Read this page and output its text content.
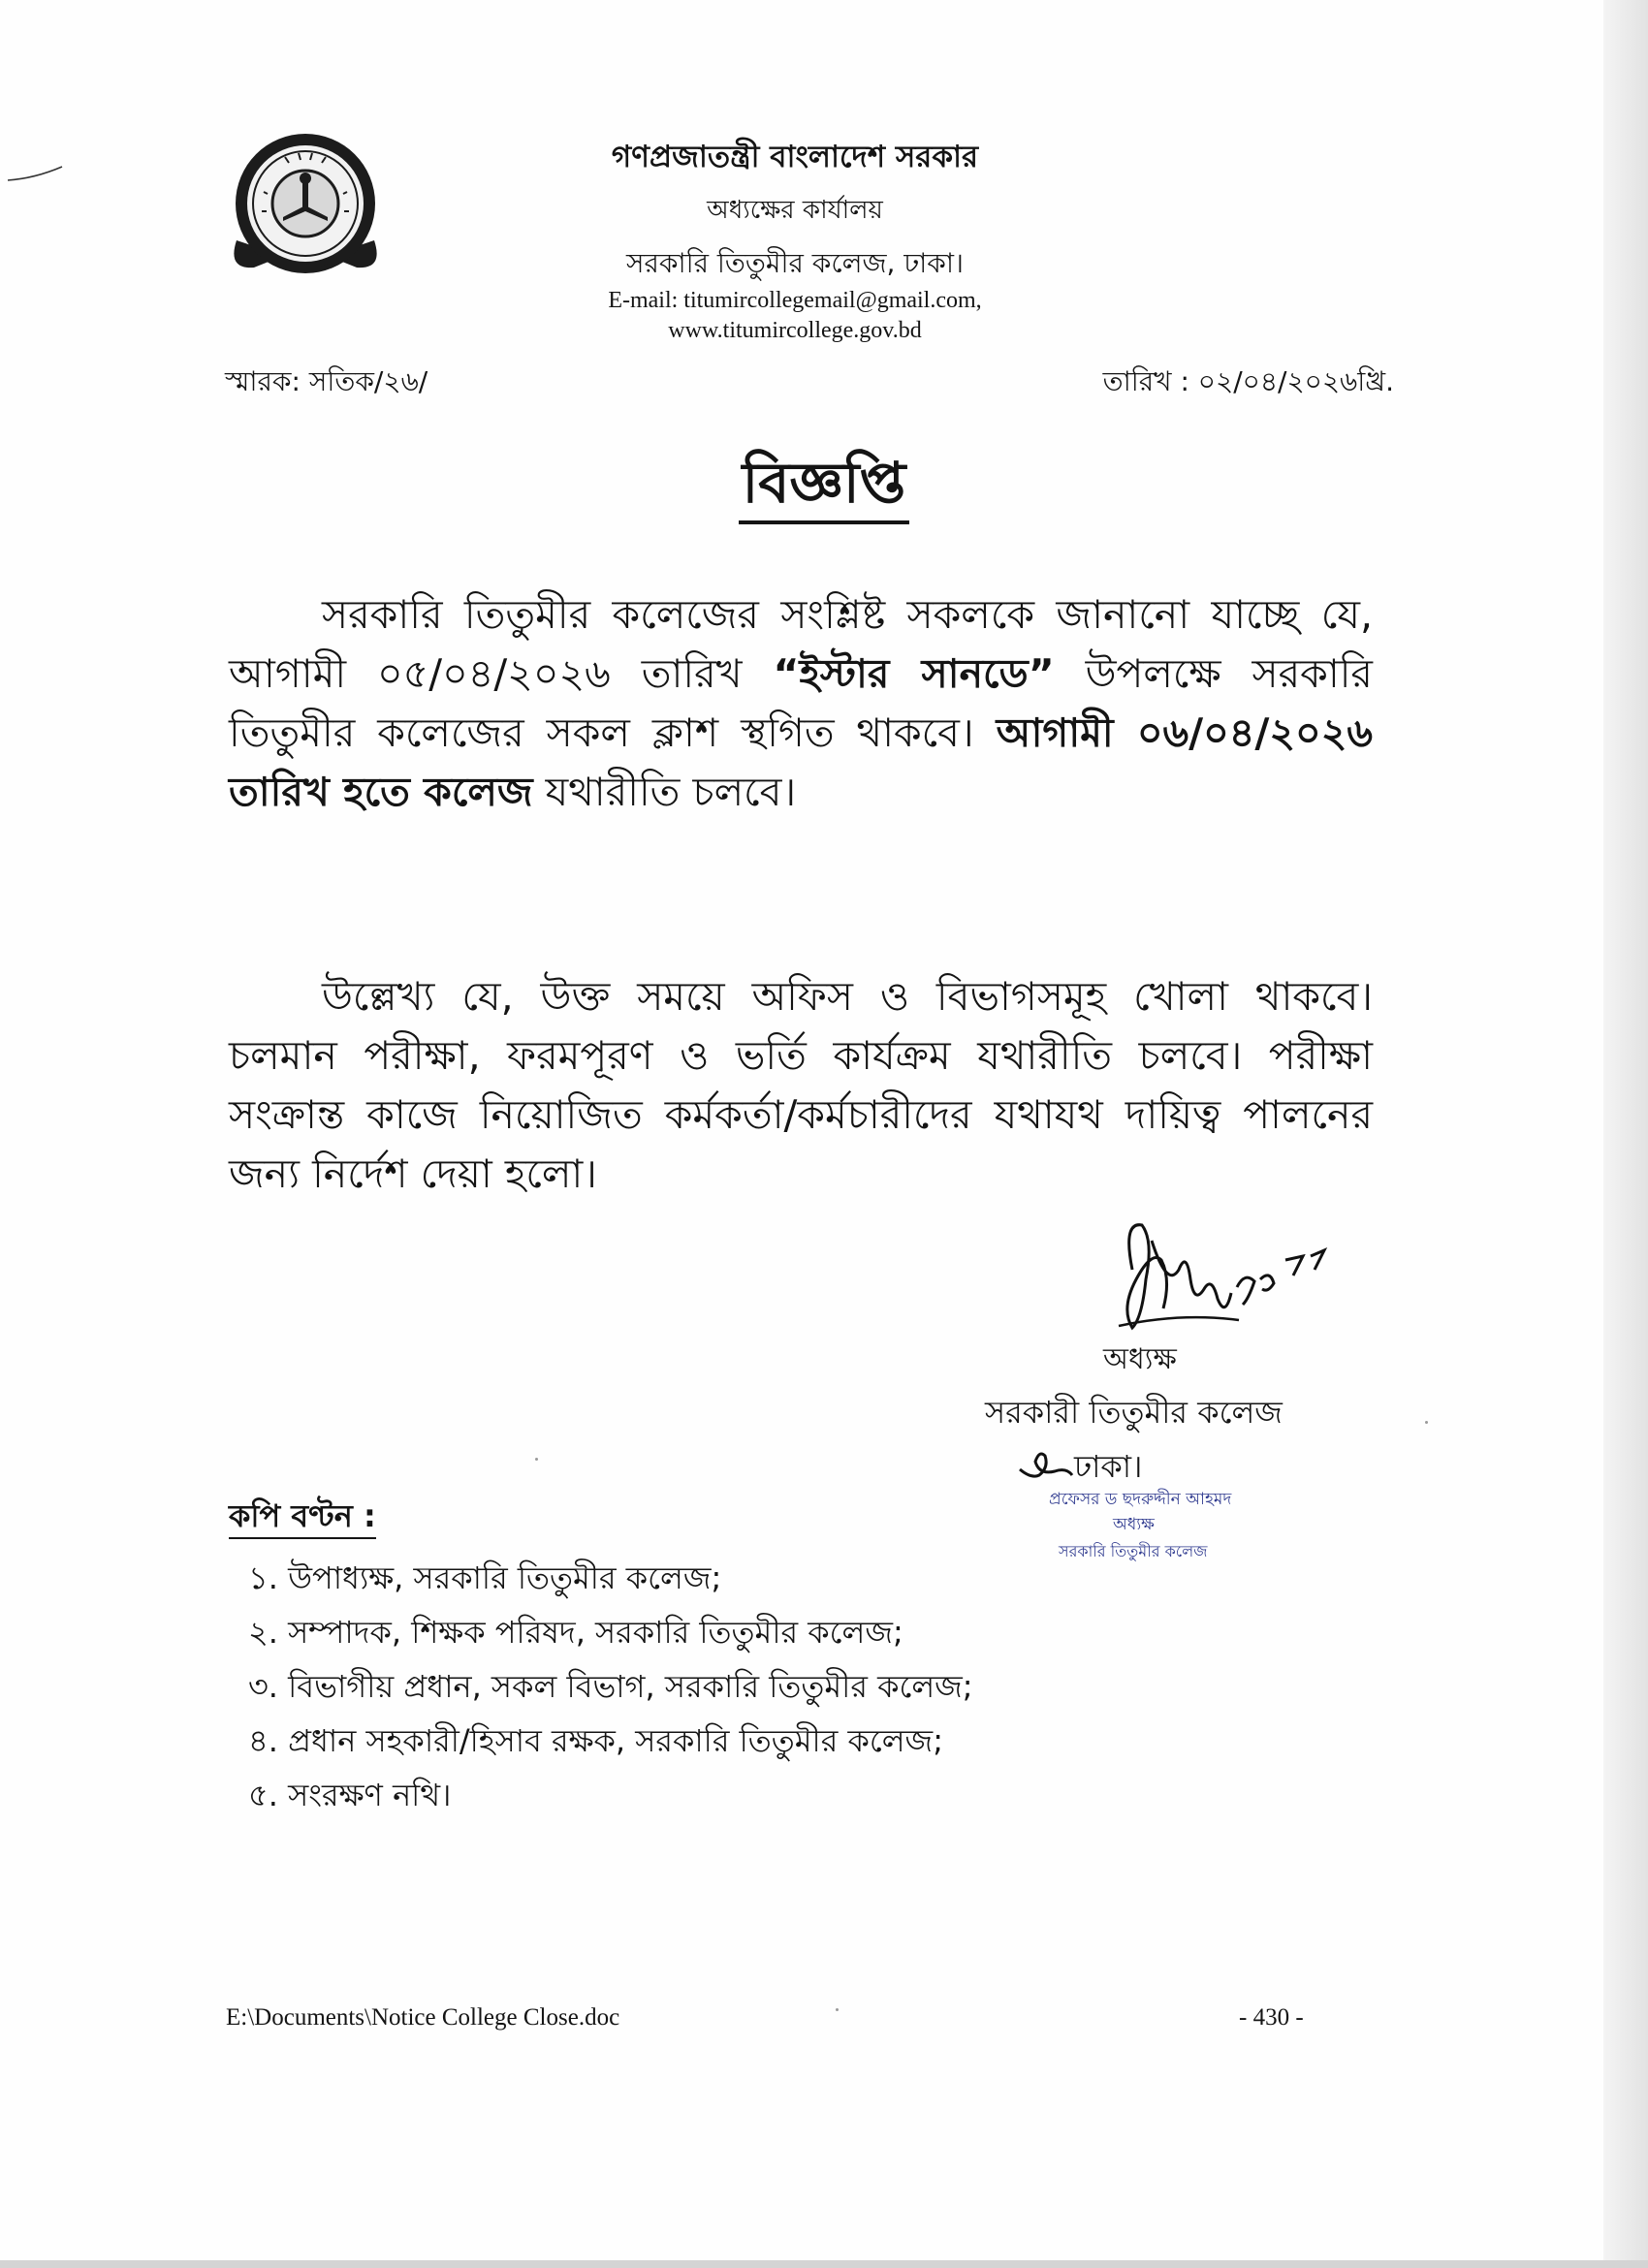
গণপ্রজাতন্ত্রী বাংলাদেশ সরকার
অধ্যক্ষের কার্যালয়
সরকারি তিতুমীর কলেজ, ঢাকা।
E-mail: titumircollegemail@gmail.com,
www.titumircollege.gov.bd
স্মারক: সতিক/২৬/	তারিখ : ০২/০৪/২০২৬খ্রি.
বিজ্ঞপ্তি
সরকারি তিতুমীর কলেজের সংশ্লিষ্ট সকলকে জানানো যাচ্ছে যে, আগামী ০৫/০৪/২০২৬ তারিখ “ইস্টার সানডে” উপলক্ষে সরকারি তিতুমীর কলেজের সকল ক্লাশ স্থগিত থাকবে। আগামী ০৬/০৪/২০২৬ তারিখ হতে কলেজ যথারীতি চলবে।
উল্লেখ্য যে, উক্ত সময়ে অফিস ও বিভাগসমূহ খোলা থাকবে। চলমান পরীক্ষা, ফরমপূরণ ও ভর্তি কার্যক্রম যথারীতি চলবে। পরীক্ষা সংক্রান্ত কাজে নিয়োজিত কর্মকর্তা/কর্মচারীদের যথাযথ দায়িত্ব পালনের জন্য নির্দেশ দেয়া হলো।
অধ্যক্ষ
সরকারী তিতুমীর কলেজ
ঢাকা।
প্রফেসর ড ছদরুদ্দীন আহমদ
অধ্যক্ষ
সরকারি তিতুমীর কলেজ
কপি বণ্টন :
১. উপাধ্যক্ষ, সরকারি তিতুমীর কলেজ;
২. সম্পাদক, শিক্ষক পরিষদ, সরকারি তিতুমীর কলেজ;
৩. বিভাগীয় প্রধান, সকল বিভাগ, সরকারি তিতুমীর কলেজ;
৪. প্রধান সহকারী/হিসাব রক্ষক, সরকারি তিতুমীর কলেজ;
৫. সংরক্ষণ নথি।
E:\Documents\Notice College Close.doc	- 430 -
